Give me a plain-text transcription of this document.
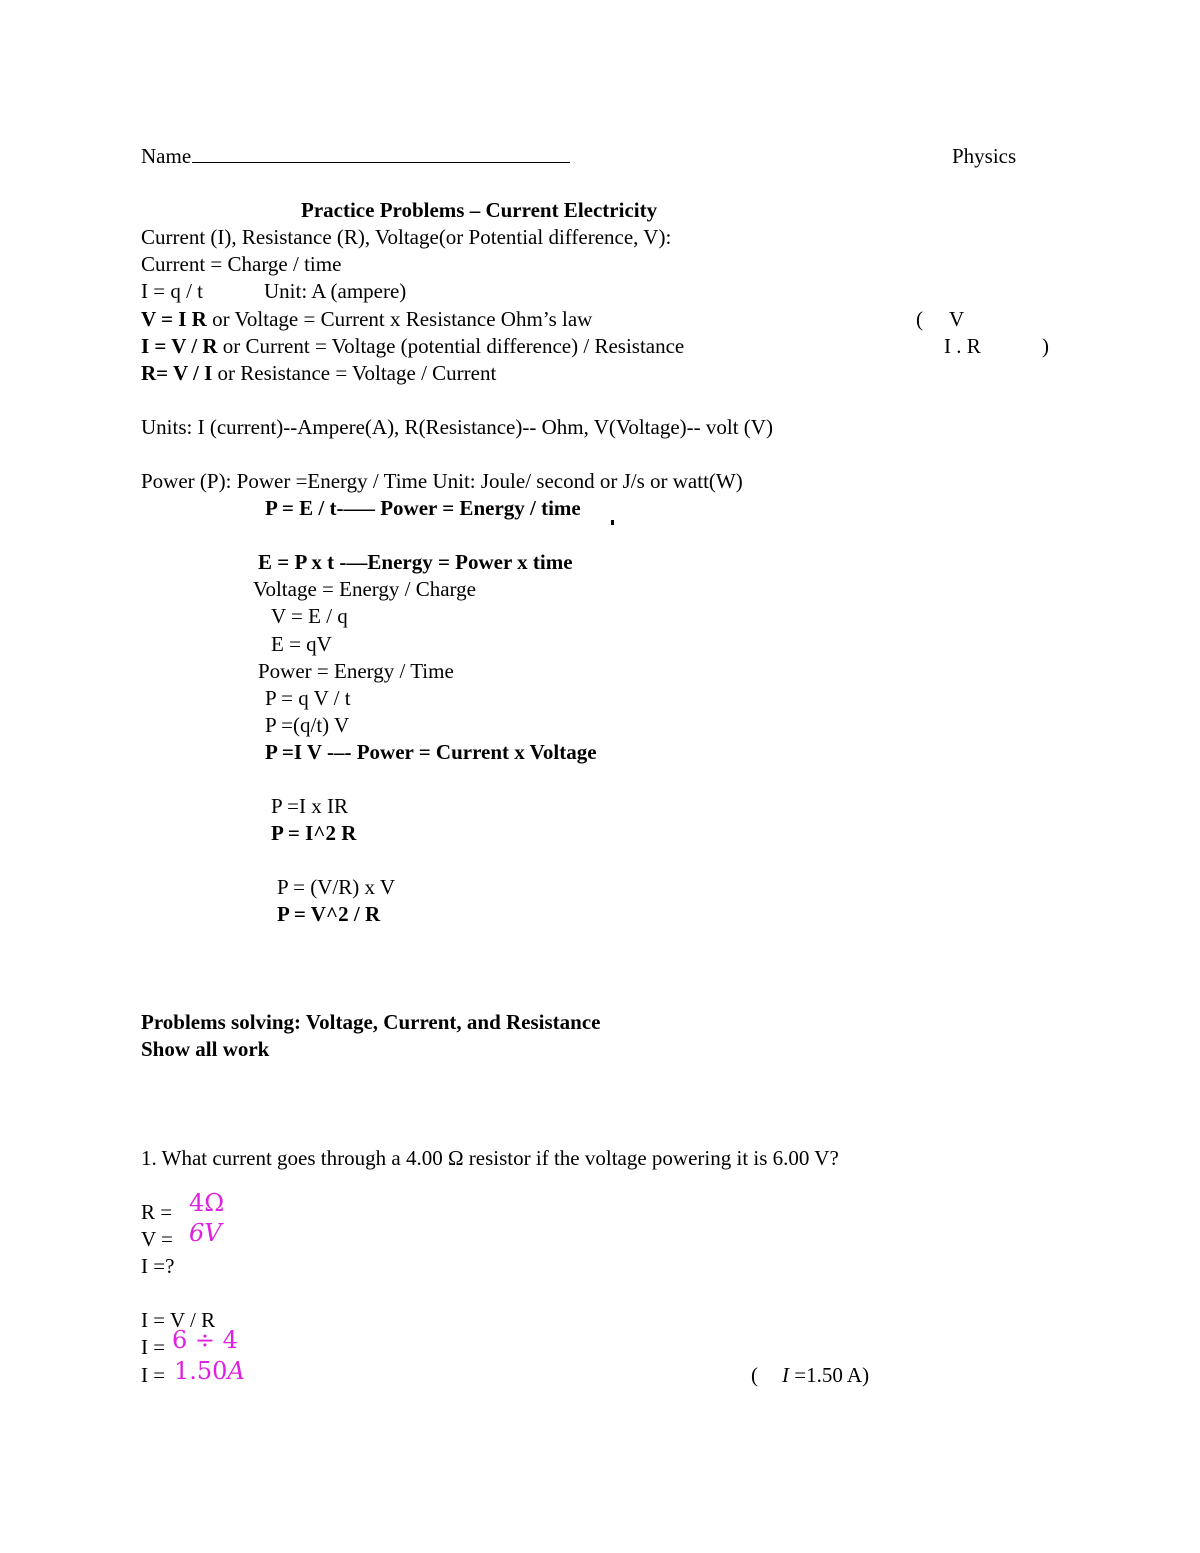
Name	Physics
Practice Problems – Current Electricity
Current (I), Resistance (R), Voltage(or Potential difference, V):
Current = Charge / time
I = q / t	Unit: A (ampere)
V = I R or Voltage = Current x Resistance Ohm’s law
I = V / R or Current = Voltage (potential difference) / Resistance
R= V / I or Resistance = Voltage / Current
( V
I . R	)
Units: I (current)--Ampere(A), R(Resistance)-- Ohm, V(Voltage)-- volt (V)
Power (P): Power =Energy / Time Unit: Joule/ second or J/s or watt(W)
P = E / t-––– Power = Energy / time
E = P x t -––Energy = Power x time
Voltage = Energy / Charge
V = E / q
E = qV
Power = Energy / Time
P = q V / t
P =(q/t) V
P =I V -–- Power = Current x Voltage
P =I x IR
P = I^2 R
P = (V/R) x V
P = V^2 / R
Problems solving: Voltage, Current, and Resistance
Show all work
1. What current goes through a 4.00 Ω resistor if the voltage powering it is 6.00 V?
R = 4Ω
V = 6V
I =?
I = V / R
I = 6 ÷ 4
I = 1.50A	( I =1.50 A)
